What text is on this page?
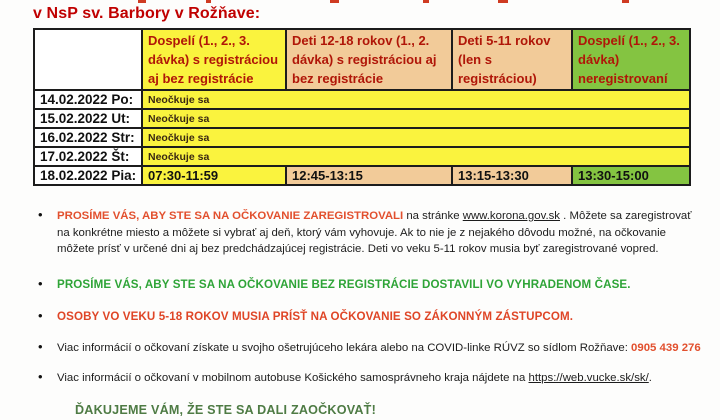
v NsP sv. Barbory v Rožňave:
	Dospelí (1., 2., 3. dávka) s registráciou aj bez registrácie	Deti 12-18 rokov (1., 2. dávka) s registráciou aj bez registrácie	Deti 5-11 rokov (len s registráciou)	Dospelí (1., 2., 3. dávka) neregistrovaní
14.02.2022 Po:	Neočkuje sa			
15.02.2022 Ut:	Neočkuje sa			
16.02.2022 Str:	Neočkuje sa			
17.02.2022 Št:	Neočkuje sa			
18.02.2022 Pia:	07:30-11:59	12:45-13:15	13:15-13:30	13:30-15:00
• PROSÍME VÁS, ABY STE SA NA OČKOVANIE ZAREGISTROVALI na stránke www.korona.gov.sk . Môžete sa zaregistrovať na konkrétne miesto a môžete si vybrať aj deň, ktorý vám vyhovuje. Ak to nie je z nejakého dôvodu možné, na očkovanie môžete prísť v určené dni aj bez predchádzajúcej registrácie. Deti vo veku 5-11 rokov musia byť zaregistrované vopred.
• PROSÍME VÁS, ABY STE SA NA OČKOVANIE BEZ REGISTRÁCIE DOSTAVILI VO VYHRADENOM ČASE.
• OSOBY VO VEKU 5-18 ROKOV MUSIA PRÍSŤ NA OČKOVANIE SO ZÁKONNÝM ZÁSTUPCOM.
• Viac informácií o očkovaní získate u svojho ošetrujúceho lekára alebo na COVID-linke RÚVZ so sídlom Rožňave: 0905 439 276
• Viac informácií o očkovaní v mobilnom autobuse Košického samosprávneho kraja nájdete na https://web.vucke.sk/sk/.
ĎAKUJEME VÁM, ŽE STE SA DALI ZAOČKOVAŤ!
